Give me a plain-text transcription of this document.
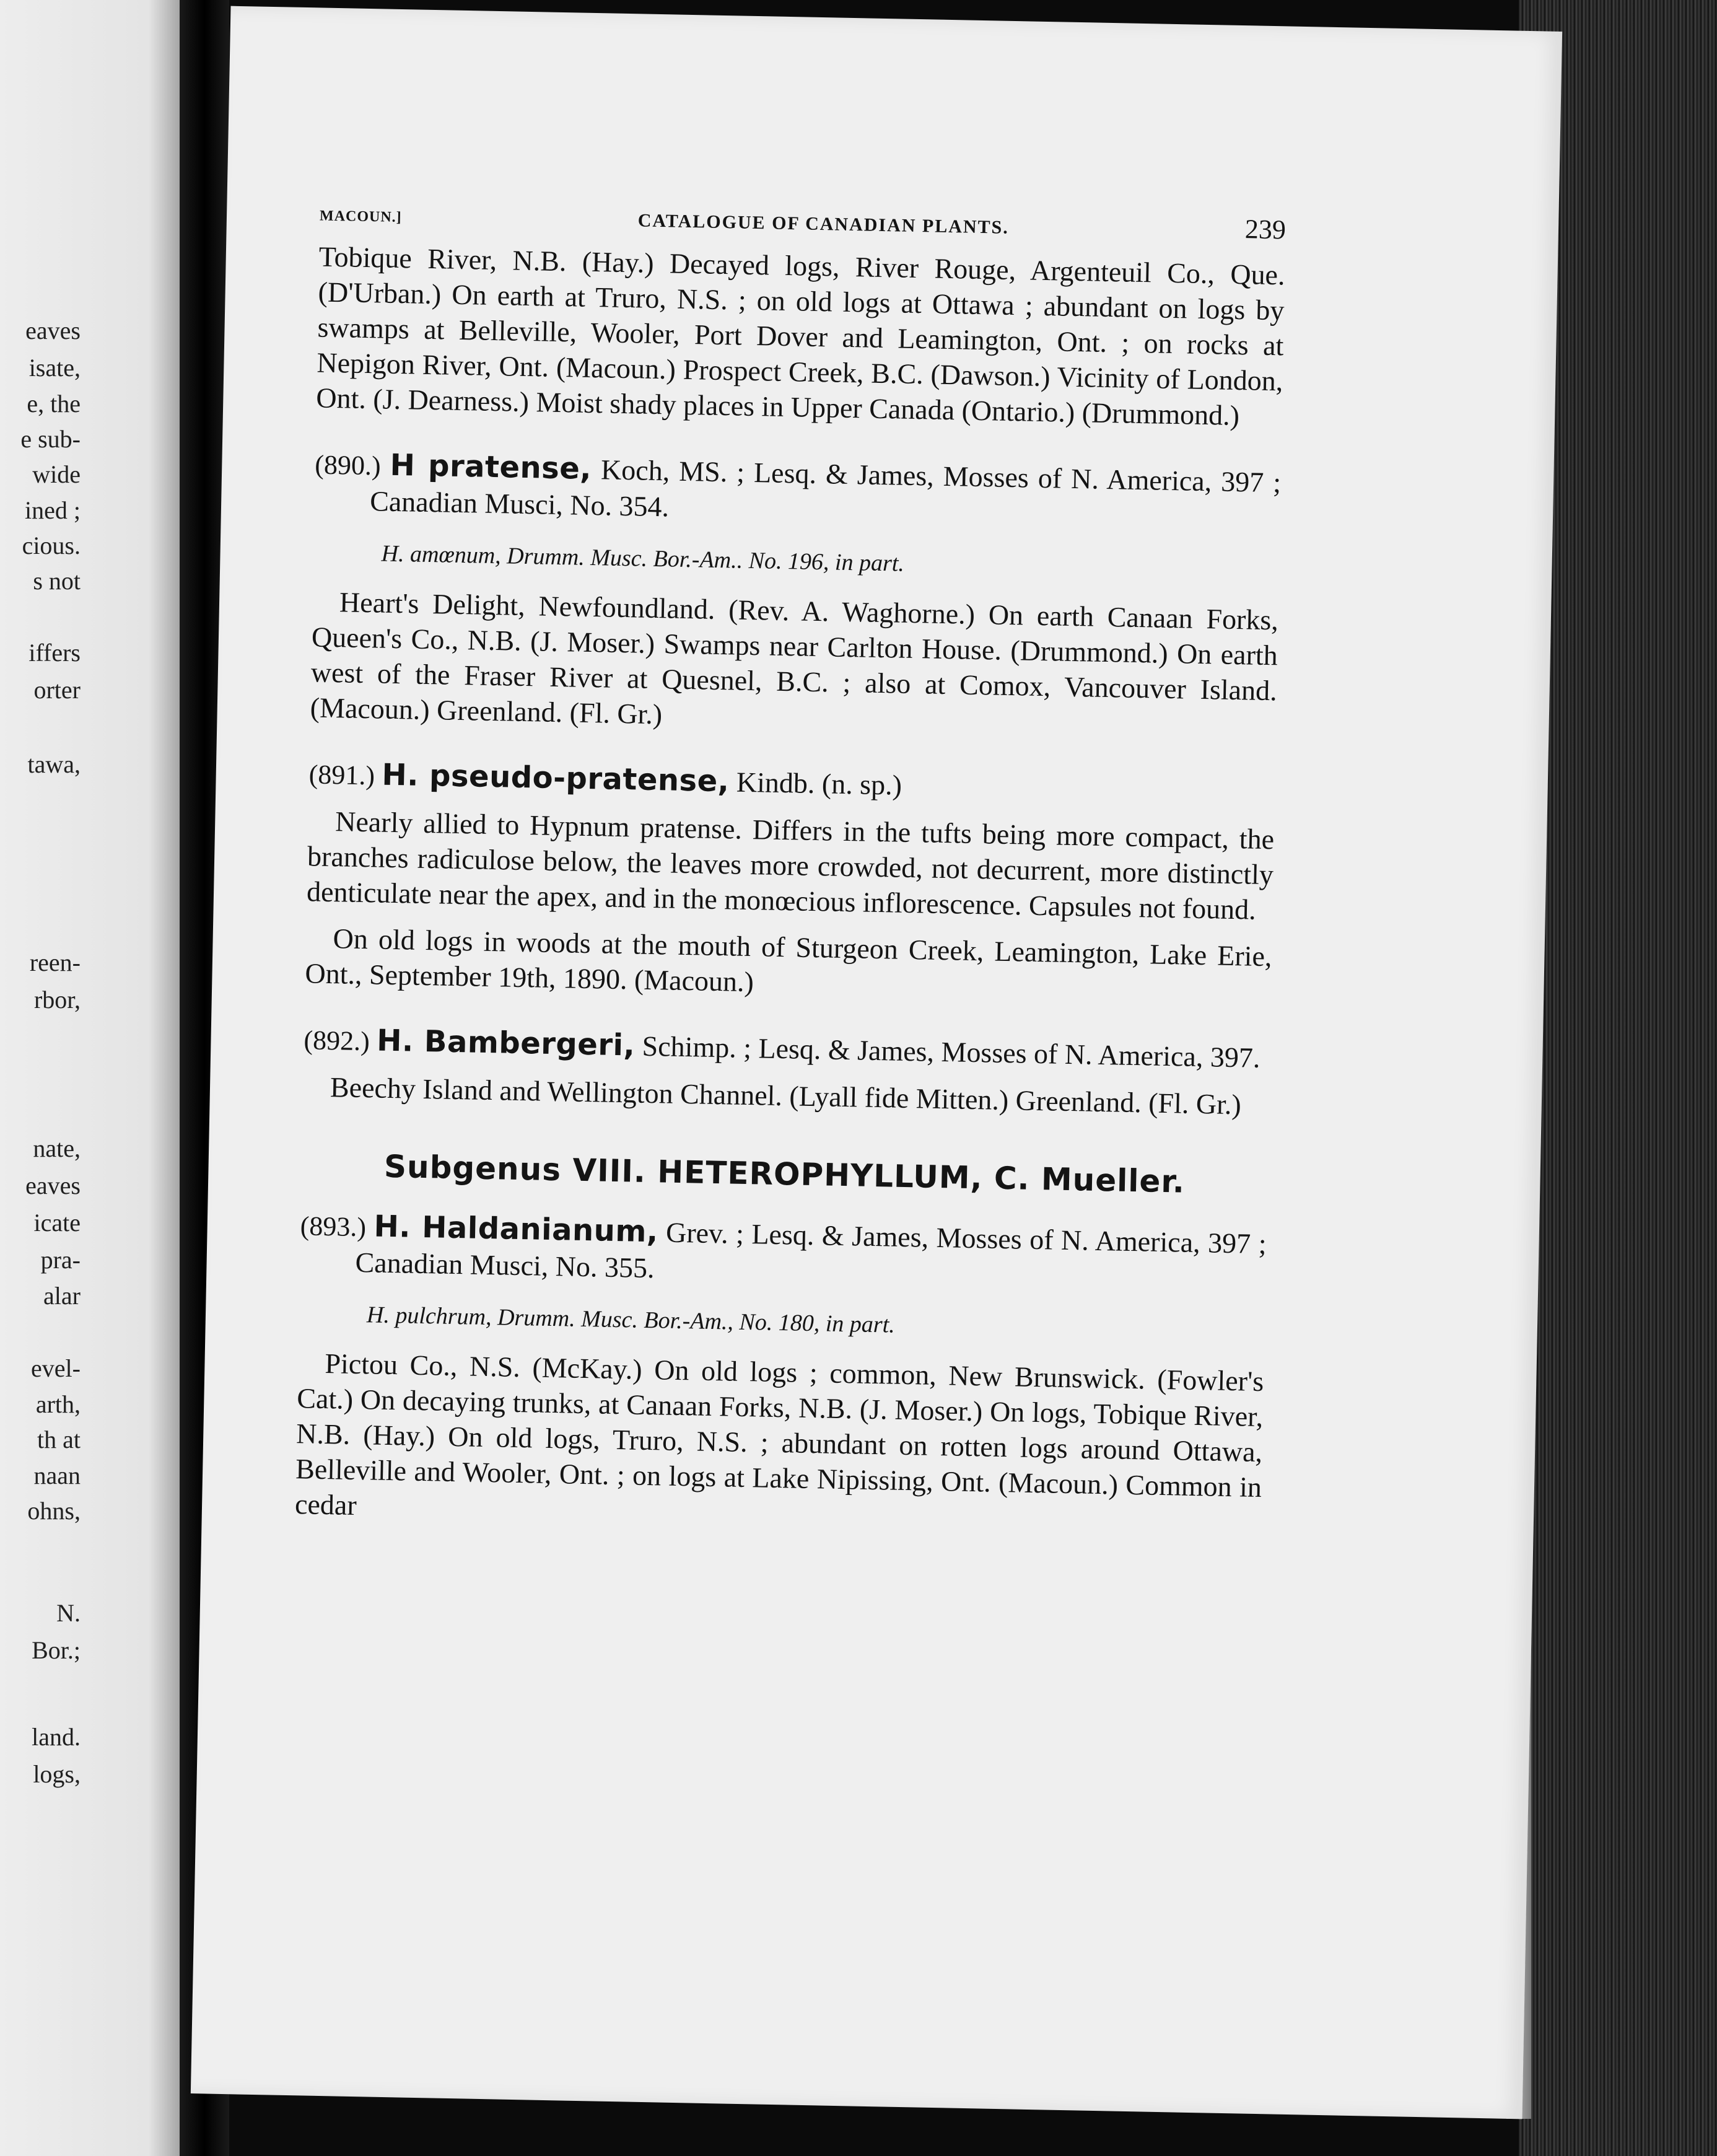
eaves
isate,
e, the
e sub-
wide
ined ;
cious.
s not
iffers
orter
tawa,
reen-
rbor,
nate,
eaves
icate
pra-
alar
evel-
arth,
th at
naan
ohns,
N.
Bor.;
land.
logs,
MACOUN.]	CATALOGUE OF CANADIAN PLANTS.	239

Tobique River, N.B. (Hay.) Decayed logs, River Rouge, Argenteuil Co., Que. (D'Urban.) On earth at Truro, N.S. ; on old logs at Ottawa ; abundant on logs by swamps at Belleville, Wooler, Port Dover and Leamington, Ont. ; on rocks at Nepigon River, Ont. (Macoun.) Prospect Creek, B.C. (Dawson.) Vicinity of London, Ont. (J. Dearness.) Moist shady places in Upper Canada (Ontario.) (Drummond.)

(890.) H pratense, Koch, MS. ; Lesq. & James, Mosses of N. America, 397 ; Canadian Musci, No. 354.

H. amœnum, Drumm. Musc. Bor.-Am.. No. 196, in part.

Heart's Delight, Newfoundland. (Rev. A. Waghorne.) On earth Canaan Forks, Queen's Co., N.B. (J. Moser.) Swamps near Carlton House. (Drummond.) On earth west of the Fraser River at Quesnel, B.C. ; also at Comox, Vancouver Island. (Macoun.) Greenland. (Fl. Gr.)

(891.) H. pseudo-pratense, Kindb. (n. sp.)

Nearly allied to Hypnum pratense. Differs in the tufts being more compact, the branches radiculose below, the leaves more crowded, not decurrent, more distinctly denticulate near the apex, and in the monœcious inflorescence. Capsules not found.

On old logs in woods at the mouth of Sturgeon Creek, Leamington, Lake Erie, Ont., September 19th, 1890. (Macoun.)

(892.) H. Bambergeri, Schimp. ; Lesq. & James, Mosses of N. America, 397.

Beechy Island and Wellington Channel. (Lyall fide Mitten.) Greenland. (Fl. Gr.)

Subgenus VIII. HETEROPHYLLUM, C. Mueller.

(893.) H. Haldanianum, Grev. ; Lesq. & James, Mosses of N. America, 397 ; Canadian Musci, No. 355.

H. pulchrum, Drumm. Musc. Bor.-Am., No. 180, in part.

Pictou Co., N.S. (McKay.) On old logs ; common, New Brunswick. (Fowler's Cat.) On decaying trunks, at Canaan Forks, N.B. (J. Moser.) On logs, Tobique River, N.B. (Hay.) On old logs, Truro, N.S. ; abundant on rotten logs around Ottawa, Belleville and Wooler, Ont. ; on logs at Lake Nipissing, Ont. (Macoun.) Common in cedar
